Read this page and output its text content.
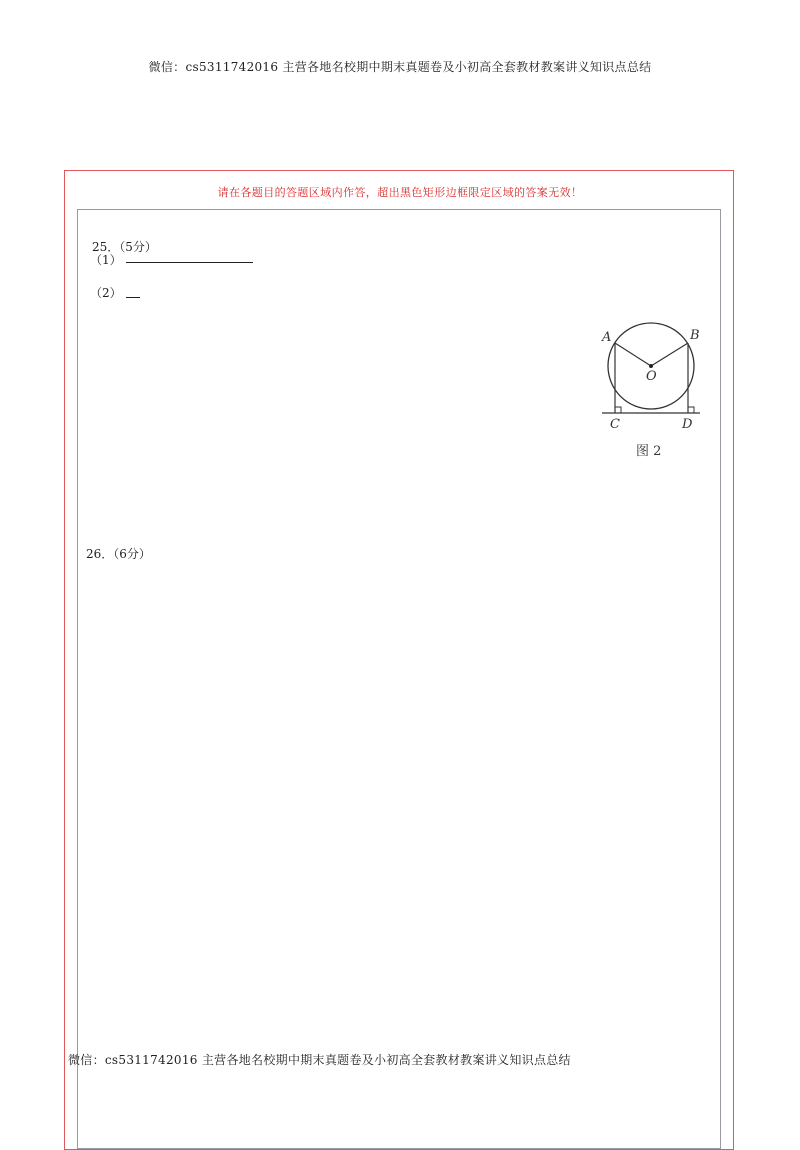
微信：cs5311742016 主营各地名校期中期末真题卷及小初高全套教材教案讲义知识点总结
请在各题目的答题区域内作答，超出黑色矩形边框限定区域的答案无效！
25．（5分）
（1）
（2）
A	B
O
C	D
图 2
26．（6分）
微信：cs5311742016 主营各地名校期中期末真题卷及小初高全套教材教案讲义知识点总结
